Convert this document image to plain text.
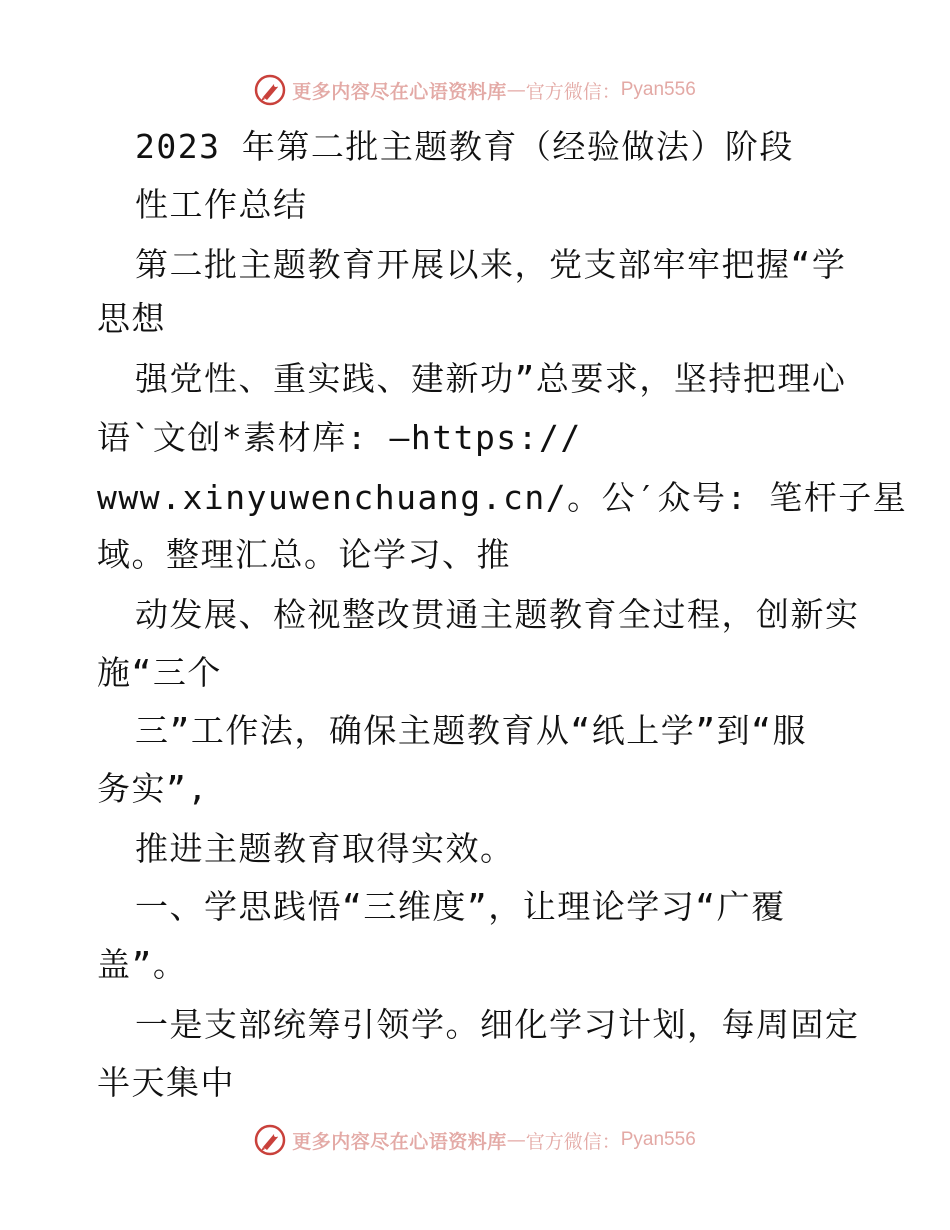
更多内容尽在心语资料库 — 官方微信： Pyan556
2023 年第二批主题教育（经验做法）阶段
性工作总结
第二批主题教育开展以来，党支部牢牢把握“学
思想
强党性、重实践、建新功”总要求，坚持把理心
语`文创*素材库: —https://
www.xinyuwenchuang.cn/。公′众号: 笔杆子星
域。整理汇总。论学习、推
动发展、检视整改贯通主题教育全过程，创新实
施“三个
三”工作法，确保主题教育从“纸上学”到“服
务实”,
推进主题教育取得实效。
一、学思践悟“三维度”，让理论学习“广覆
盖”。
一是支部统筹引领学。细化学习计划，每周固定
半天集中
更多内容尽在心语资料库 — 官方微信： Pyan556
